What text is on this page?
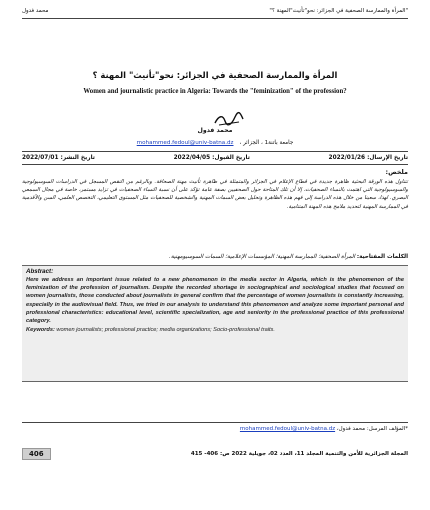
"المرأة والممارسة الصحفية في الجزائر: نحو"تأنيث"المهنة ؟"
محمد فدول
المرأة والممارسة الصحفية في الجزائر: نحو"تأنيث" المهنة ؟
Women and journalistic practice in Algeria: Towards the "feminization" of the profession?
محمد فدول
mohammed.fedoul@univ-batna.dz جامعة باتنة1 ، الجزائر ،
تاريخ الإرسال: 2022/01/26
تاريخ القبول: 2022/04/05
تاريخ النشر: 2022/07/01
ملخص:
تتناول هذه الورقة البحثية ظاهرة جديدة في قطاع الإعلام في الجزائر والمتمثلة في ظاهرة تأنيث مهنة الصحافة. وبالرغم من النقص المسجل في الدراسات السوسيولوجية والسوسيولوجية التي اهتمت بالنساء الصحفيات، إلا أن تلك المتاحة حول الصحفيين بصفة عامة تؤكد على أن نسبة النساء الصحفيات في تزايد مستمر، خاصة في مجال السمعي البصري. لهذا، سعينا من خلال هذه الدراسة إلى فهم هذه الظاهرة وتحليل بعض السمات المهنية والشخصية للصحفيات مثل المستوى التعليمي، التخصص العلمي، السن والأقدمية في الممارسة المهنية لتحديد ملامح هذه المهنة المتنامية.
الكلمات المفتاحية: المرأة الصحفية؛ الممارسة المهنية؛ المؤسسات الإعلامية؛ السمات السوسيومهنية.
Abstract:
Here we address an important issue related to a new phenomenon in the media sector in Algeria, which is the phenomenon of the feminization of the profession of journalism. Despite the recorded shortage in sociographical and sociological studies that focused on women journalists, those conducted about journalists in general confirm that the percentage of women journalists is constantly increasing, especially in the audiovisual field. Thus, we tried in our analysis to understand this phenomenon and analyze some important personal and professional characteristics: educational level, scientific specialization, age and seniority in the professional practice of this professional category.
Keywords: women journalists; professional practice; media organizations; Socio-professional traits.
*المؤلف المرسل: محمد فدول، mohammed.fedoul@univ-batna.dz
المجلة الجزائرية للأمن والتنمية المجلد 11، العدد 02، جويلية 2022 ص: 406- 415
406
